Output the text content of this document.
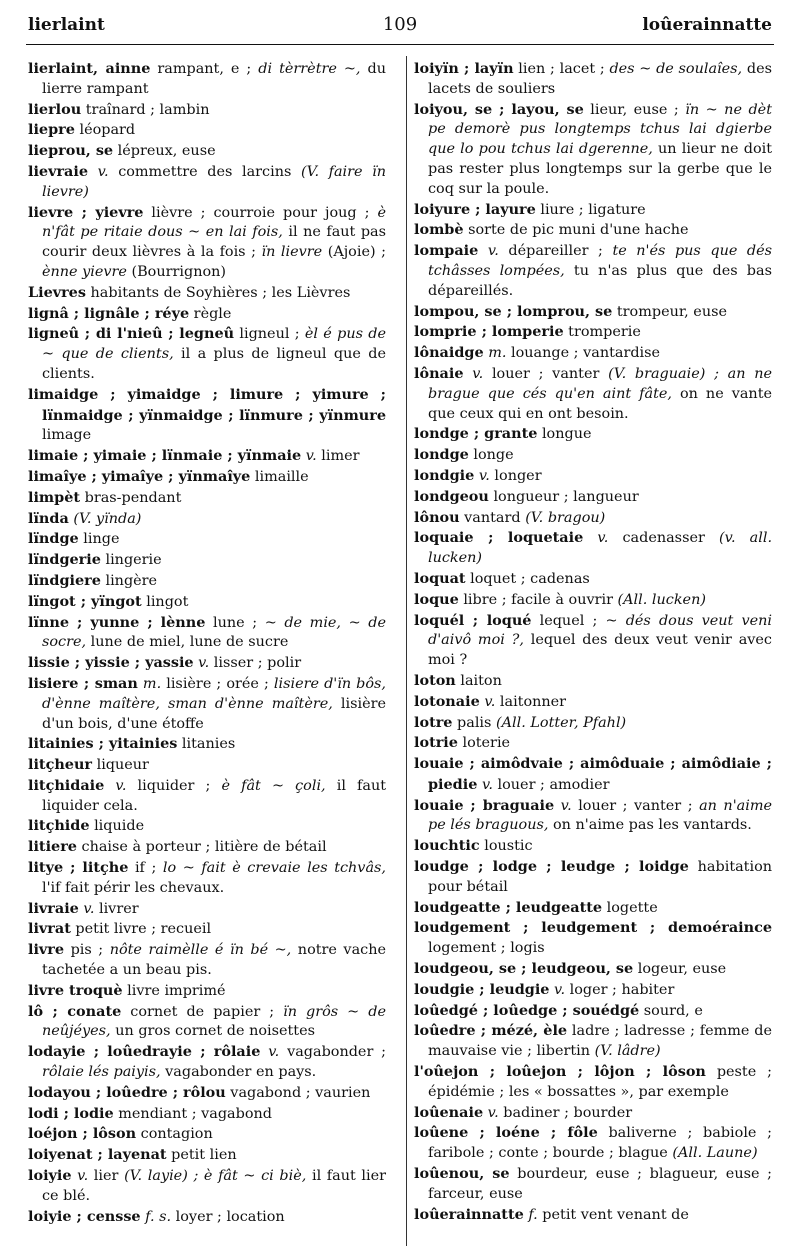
lierlaint	109	loûerainnatte

lierlaint, ainne rampant, e ; di tèrrètre ~, du lierre rampant

lierlou traînard ; lambin

liepre léopard

lieprou, se lépreux, euse

lievraie v. commettre des larcins (V. faire ïn lievre)

lievre ; yievre lièvre ; courroie pour joug ; è n'fât pe ritaie dous ~ en lai fois, il ne faut pas courir deux lièvres à la fois ; ïn lievre (Ajoie) ; ènne yievre (Bourrignon)

Lievres habitants de Soyhières ; les Lièvres

lignâ ; lignâle ; réye règle

ligneû ; di l'nieû ; legneû ligneul ; èl é pus de ~ que de clients, il a plus de ligneul que de clients.

limaidge ; yimaidge ; limure ; yimure ; lïnmaidge ; yïnmaidge ; lïnmure ; yïnmure limage

limaie ; yimaie ; lïnmaie ; yïnmaie v. limer

limaîye ; yimaîye ; yïnmaîye limaille

limpèt bras-pendant

lïnda (V. yïnda)

lïndge linge

lïndgerie lingerie

lïndgiere lingère

lïngot ; yïngot lingot

lïnne ; yunne ; lènne lune ; ~ de mie, ~ de socre, lune de miel, lune de sucre

lissie ; yissie ; yassie v. lisser ; polir

lisiere ; sman m. lisière ; orée ; lisiere d'ïn bôs, d'ènne maîtère, sman d'ènne maîtère, lisière d'un bois, d'une étoffe

litainies ; yitainies litanies

litçheur liqueur

litçhidaie v. liquider ; è fât ~ çoli, il faut liquider cela.

litçhide liquide

litiere chaise à porteur ; litière de bétail

litye ; litçhe if ; lo ~ fait è crevaie les tchvâs, l'if fait périr les chevaux.

livraie v. livrer

livrat petit livre ; recueil

livre pis ; nôte raimèlle é ïn bé ~, notre vache tachetée a un beau pis.

livre troquè livre imprimé

lô ; conate cornet de papier ; ïn grôs ~ de neûjéyes, un gros cornet de noisettes

lodayie ; loûedrayie ; rôlaie v. vagabonder ; rôlaie lés paiyis, vagabonder en pays.

lodayou ; loûedre ; rôlou vagabond ; vaurien

lodi ; lodie mendiant ; vagabond

loéjon ; lôson contagion

loiyenat ; layenat petit lien

loiyie v. lier (V. layie) ; è fât ~ ci biè, il faut lier ce blé.

loiyie ; censse f. s. loyer ; location

loiyïn ; layïn lien ; lacet ; des ~ de soulaîes, des lacets de souliers

loiyou, se ; layou, se lieur, euse ; ïn ~ ne dèt pe demorè pus longtemps tchus lai dgierbe que lo pou tchus lai dgerenne, un lieur ne doit pas rester plus longtemps sur la gerbe que le coq sur la poule.

loiyure ; layure liure ; ligature

lombè sorte de pic muni d'une hache

lompaie v. dépareiller ; te n'és pus que dés tchâsses lompées, tu n'as plus que des bas dépareillés.

lompou, se ; lomprou, se trompeur, euse

lomprie ; lomperie tromperie

lônaidge m. louange ; vantardise

lônaie v. louer ; vanter (V. braguaie) ; an ne brague que cés qu'en aint fâte, on ne vante que ceux qui en ont besoin.

londge ; grante longue

londge longe

londgie v. longer

londgeou longueur ; langueur

lônou vantard (V. bragou)

loquaie ; loquetaie v. cadenasser (v. all. lucken)

loquat loquet ; cadenas

loque libre ; facile à ouvrir (All. lucken)

loquél ; loqué lequel ; ~ dés dous veut veni d'aivô moi ?, lequel des deux veut venir avec moi ?

loton laiton

lotonaie v. laitonner

lotre palis (All. Lotter, Pfahl)

lotrie loterie

louaie ; aimôdvaie ; aimôduaie ; aimôdiaie ; piedie v. louer ; amodier

louaie ; braguaie v. louer ; vanter ; an n'aime pe lés braguous, on n'aime pas les vantards.

louchtic loustic

loudge ; lodge ; leudge ; loidge habitation pour bétail

loudgeatte ; leudgeatte logette

loudgement ; leudgement ; demoéraince logement ; logis

loudgeou, se ; leudgeou, se logeur, euse

loudgie ; leudgie v. loger ; habiter

loûedgé ; loûedge ; souédgé sourd, e

loûedre ; mézé, èle ladre ; ladresse ; femme de mauvaise vie ; libertin (V. lâdre)

l'oûejon ; loûejon ; lôjon ; lôson peste ; épidémie ; les « bossattes », par exemple

loûenaie v. badiner ; bourder

loûene ; loéne ; fôle baliverne ; babiole ; faribole ; conte ; bourde ; blague (All. Laune)

loûenou, se bourdeur, euse ; blagueur, euse ; farceur, euse

loûerainnatte f. petit vent venant de
